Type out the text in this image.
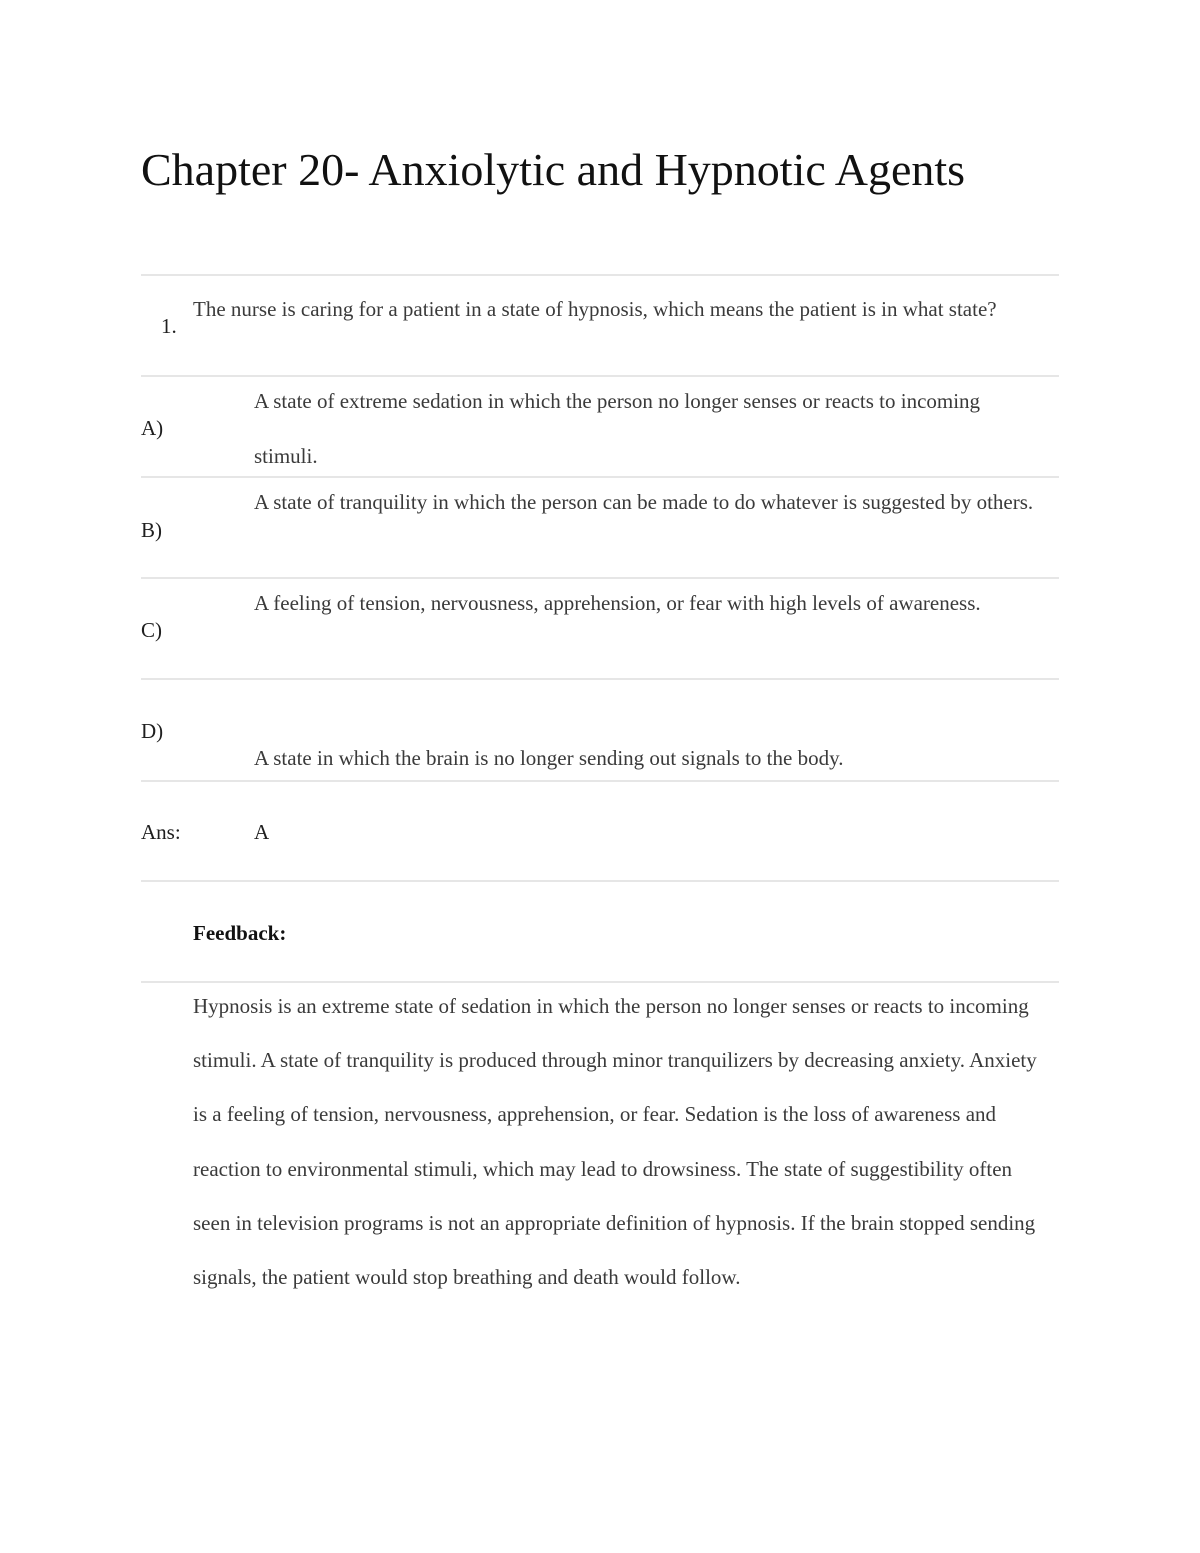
Chapter 20- Anxiolytic and Hypnotic Agents
1.
The nurse is caring for a patient in a state of hypnosis, which means the patient is in what state?
A)
A state of extreme sedation in which the person no longer senses or reacts to incoming stimuli.
B)
A state of tranquility in which the person can be made to do whatever is suggested by others.
C)
A feeling of tension, nervousness, apprehension, or fear with high levels of awareness.
D)
A state in which the brain is no longer sending out signals to the body.
Ans:	A
Feedback:
Hypnosis is an extreme state of sedation in which the person no longer senses or reacts to incoming stimuli. A state of tranquility is produced through minor tranquilizers by decreasing anxiety. Anxiety is a feeling of tension, nervousness, apprehension, or fear. Sedation is the loss of awareness and reaction to environmental stimuli, which may lead to drowsiness. The state of suggestibility often seen in television programs is not an appropriate definition of hypnosis. If the brain stopped sending signals, the patient would stop breathing and death would follow.
